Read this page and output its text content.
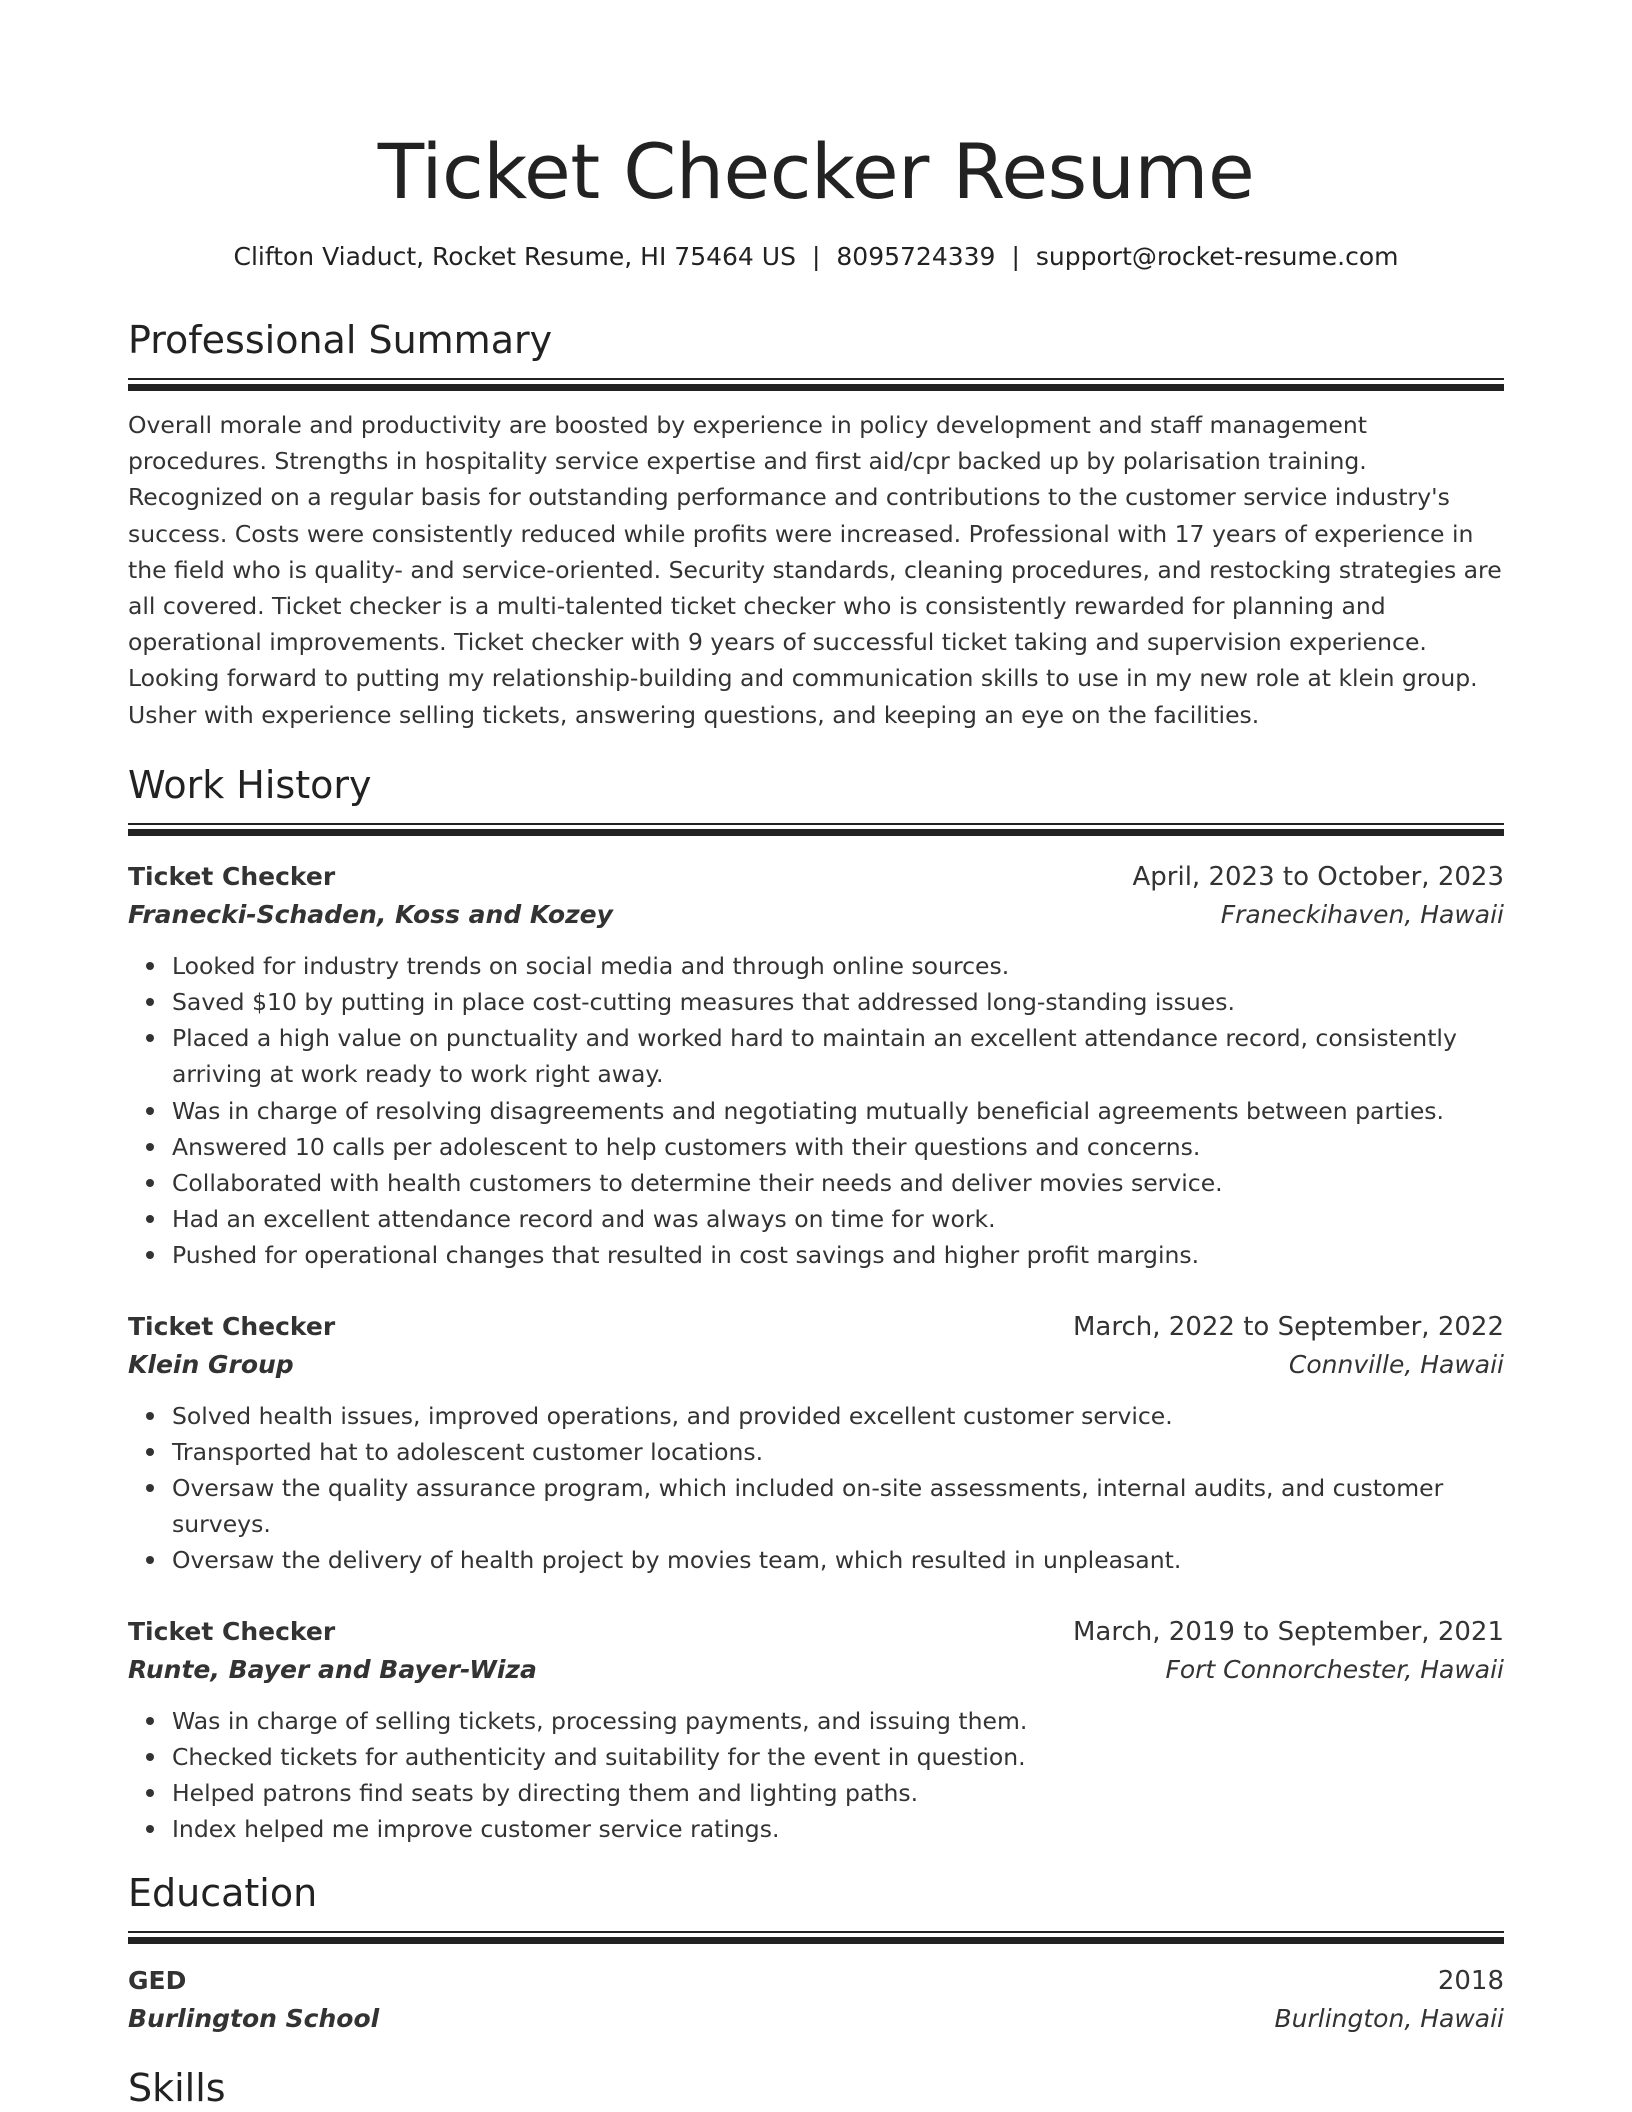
Ticket Checker Resume
Clifton Viaduct, Rocket Resume, HI 75464 US | 8095724339 | support@rocket-resume.com
Professional Summary

Overall morale and productivity are boosted by experience in policy development and staff management procedures. Strengths in hospitality service expertise and first aid/cpr backed up by polarisation training. Recognized on a regular basis for outstanding performance and contributions to the customer service industry's success. Costs were consistently reduced while profits were increased. Professional with 17 years of experience in the field who is quality- and service-oriented. Security standards, cleaning procedures, and restocking strategies are all covered. Ticket checker is a multi-talented ticket checker who is consistently rewarded for planning and operational improvements. Ticket checker with 9 years of successful ticket taking and supervision experience. Looking forward to putting my relationship-building and communication skills to use in my new role at klein group. Usher with experience selling tickets, answering questions, and keeping an eye on the facilities.

Work History
Ticket Checker	April, 2023 to October, 2023
Franecki-Schaden, Koss and Kozey	Franeckihaven, Hawaii
Looked for industry trends on social media and through online sources.
Saved $10 by putting in place cost-cutting measures that addressed long-standing issues.
Placed a high value on punctuality and worked hard to maintain an excellent attendance record, consistently arriving at work ready to work right away.
Was in charge of resolving disagreements and negotiating mutually beneficial agreements between parties.
Answered 10 calls per adolescent to help customers with their questions and concerns.
Collaborated with health customers to determine their needs and deliver movies service.
Had an excellent attendance record and was always on time for work.
Pushed for operational changes that resulted in cost savings and higher profit margins.
Ticket Checker	March, 2022 to September, 2022
Klein Group	Connville, Hawaii
Solved health issues, improved operations, and provided excellent customer service.
Transported hat to adolescent customer locations.
Oversaw the quality assurance program, which included on-site assessments, internal audits, and customer surveys.
Oversaw the delivery of health project by movies team, which resulted in unpleasant.
Ticket Checker	March, 2019 to September, 2021
Runte, Bayer and Bayer-Wiza	Fort Connorchester, Hawaii
Was in charge of selling tickets, processing payments, and issuing them.
Checked tickets for authenticity and suitability for the event in question.
Helped patrons find seats by directing them and lighting paths.
Index helped me improve customer service ratings.
Education
GED	2018
Burlington School	Burlington, Hawaii
Skills
